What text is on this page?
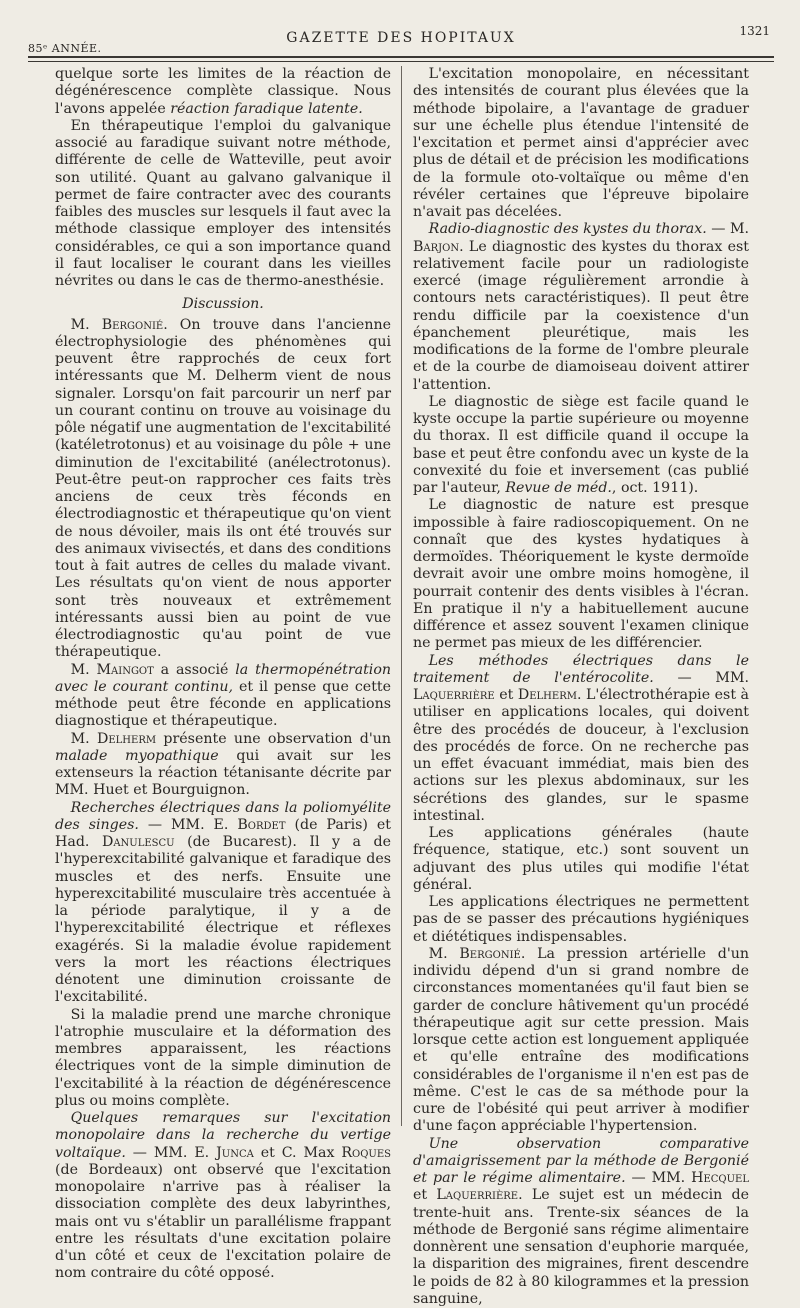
85ᵉ ANNÉE.
GAZETTE DES HOPITAUX	1321

quelque sorte les limites de la réaction de dégénérescence complète classique. Nous l'avons appelée réaction faradique latente.

En thérapeutique l'emploi du galvanique associé au faradique suivant notre méthode, différente de celle de Watteville, peut avoir son utilité. Quant au galvano galvanique il permet de faire contracter avec des courants faibles des muscles sur lesquels il faut avec la méthode classique employer des intensités considérables, ce qui a son importance quand il faut localiser le courant dans les vieilles névrites ou dans le cas de thermo-anesthésie.

Discussion.

M. Bergonié. On trouve dans l'ancienne électrophysiologie des phénomènes qui peuvent être rapprochés de ceux fort intéressants que M. Delherm vient de nous signaler. Lorsqu'on fait parcourir un nerf par un courant continu on trouve au voisinage du pôle négatif une augmentation de l'excitabilité (katéletrotonus) et au voisinage du pôle + une diminution de l'excitabilité (anélectrotonus). Peut-être peut-on rapprocher ces faits très anciens de ceux très féconds en électrodiagnostic et thérapeutique qu'on vient de nous dévoiler, mais ils ont été trouvés sur des animaux vivisectés, et dans des conditions tout à fait autres de celles du malade vivant. Les résultats qu'on vient de nous apporter sont très nouveaux et extrêmement intéressants aussi bien au point de vue électrodiagnostic qu'au point de vue thérapeutique.

M. Maingot a associé la thermopénétration avec le courant continu, et il pense que cette méthode peut être féconde en applications diagnostique et thérapeutique.

M. Delherm présente une observation d'un malade myopathique qui avait sur les extenseurs la réaction tétanisante décrite par MM. Huet et Bourguignon.

Recherches électriques dans la poliomyélite des singes. — MM. E. Bordet (de Paris) et Had. Danulescu (de Bucarest). Il y a de l'hyperexcitabilité galvanique et faradique des muscles et des nerfs. Ensuite une hyperexcitabilité musculaire très accentuée à la période paralytique, il y a de l'hyperexcitabilité électrique et réflexes exagérés. Si la maladie évolue rapidement vers la mort les réactions électriques dénotent une diminution croissante de l'excitabilité.

Si la maladie prend une marche chronique l'atrophie musculaire et la déformation des membres apparaissent, les réactions électriques vont de la simple diminution de l'excitabilité à la réaction de dégénérescence plus ou moins complète.

Quelques remarques sur l'excitation monopolaire dans la recherche du vertige voltaïque. — MM. E. Junca et C. Max Roques (de Bordeaux) ont observé que l'excitation monopolaire n'arrive pas à réaliser la dissociation complète des deux labyrinthes, mais ont vu s'établir un parallélisme frappant entre les résultats d'une excitation polaire d'un côté et ceux de l'excitation polaire de nom contraire du côté opposé.

L'excitation monopolaire, en nécessitant des intensités de courant plus élevées que la méthode bipolaire, a l'avantage de graduer sur une échelle plus étendue l'intensité de l'excitation et permet ainsi d'apprécier avec plus de détail et de précision les modifications de la formule oto-voltaïque ou même d'en révéler certaines que l'épreuve bipolaire n'avait pas décelées.

Radio-diagnostic des kystes du thorax. — M. Barjon. Le diagnostic des kystes du thorax est relativement facile pour un radiologiste exercé (image régulièrement arrondie à contours nets caractéristiques). Il peut être rendu difficile par la coexistence d'un épanchement pleurétique, mais les modifications de la forme de l'ombre pleurale et de la courbe de diamoiseau doivent attirer l'attention.

Le diagnostic de siège est facile quand le kyste occupe la partie supérieure ou moyenne du thorax. Il est difficile quand il occupe la base et peut être confondu avec un kyste de la convexité du foie et inversement (cas publié par l'auteur, Revue de méd., oct. 1911).

Le diagnostic de nature est presque impossible à faire radioscopiquement. On ne connaît que des kystes hydatiques à dermoïdes. Théoriquement le kyste dermoïde devrait avoir une ombre moins homogène, il pourrait contenir des dents visibles à l'écran. En pratique il n'y a habituellement aucune différence et assez souvent l'examen clinique ne permet pas mieux de les différencier.

Les méthodes électriques dans le traitement de l'entérocolite. — MM. Laquerrière et Delherm. L'électrothérapie est à utiliser en applications locales, qui doivent être des procédés de douceur, à l'exclusion des procédés de force. On ne recherche pas un effet évacuant immédiat, mais bien des actions sur les plexus abdominaux, sur les sécrétions des glandes, sur le spasme intestinal.

Les applications générales (haute fréquence, statique, etc.) sont souvent un adjuvant des plus utiles qui modifie l'état général.

Les applications électriques ne permettent pas de se passer des précautions hygiéniques et diététiques indispensables.

M. Bergonié. La pression artérielle d'un individu dépend d'un si grand nombre de circonstances momentanées qu'il faut bien se garder de conclure hâtivement qu'un procédé thérapeutique agit sur cette pression. Mais lorsque cette action est longuement appliquée et qu'elle entraîne des modifications considérables de l'organisme il n'en est pas de même. C'est le cas de sa méthode pour la cure de l'obésité qui peut arriver à modifier d'une façon appréciable l'hypertension.

Une observation comparative d'amaigrissement par la méthode de Bergonié et par le régime alimentaire. — MM. Hecquel et Laquerrière. Le sujet est un médecin de trente-huit ans. Trente-six séances de la méthode de Bergonié sans régime alimentaire donnèrent une sensation d'euphorie marquée, la disparition des migraines, firent descendre le poids de 82 à 80 kilogrammes et la pression sanguine,
